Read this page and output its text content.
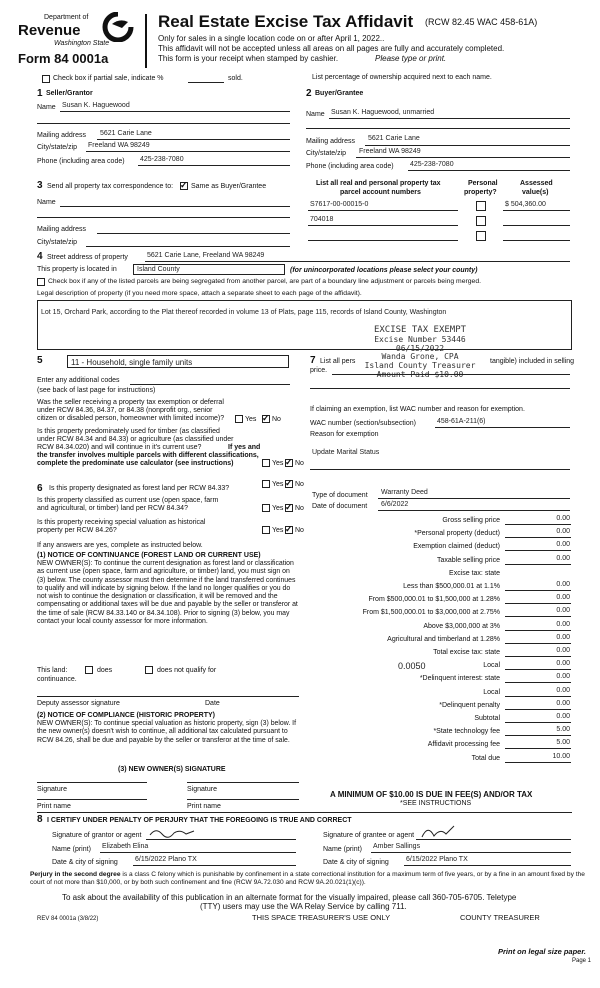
Department of
Revenue
Washington State
Form 84 0001a
Real Estate Excise Tax Affidavit (RCW 82.45 WAC 458-61A)
Only for sales in a single location code on or after April 1, 2022..
This affidavit will not be accepted unless all areas on all pages are fully and accurately completed.
This form is your receipt when stamped by cashier.	Please type or print.
Check box if partial sale, indicate %	sold.	List percentage of ownership acquired next to each name.
1 Seller/Grantor
Name Susan K. Haguewood
Mailing address 5621 Carie Lane
City/state/zip Freeland WA 98249
Phone (including area code) 425-238-7080
2 Buyer/Grantee
Name Susan K. Haguewood, unmarried
Mailing address 5621 Carie Lane
City/state/zip Freeland WA 98249
Phone (including area code) 425-238-7080
3 Send all property tax correspondence to: ✓	Same as Buyer/Grantee
Name
Mailing address
City/state/zip
List all real and personal property tax
parcel account numbers
Personal
property?
Assessed
value(s)
S7617-00-00015-0	$ 504,360.00
704018
4 Street address of property	5621 Carie Lane, Freeland WA 98249
This property is located in	Island County	(for unincorporated locations please select your county)
Check box if any of the listed parcels are being segregated from another parcel, are part of a boundary line adjustment or parcels being merged.
Legal description of property (if you need more space, attach a separate sheet to each page of the affidavit).
Lot 15, Orchard Park, according to the Plat thereof recorded in volume 13 of Plats, page 115, records of Island County, Washington
5	11 - Household, single family units
EXCISE TAX EXEMPT
Excise Number 53446
06/15/2022
Wanda Grone, CPA
Island County Treasurer
Amount Paid $10.00
7 List all pers
price.
tangible) included in selling
Enter any additional codes
(see back of last page for instructions)
Was the seller receiving a property tax exemption or deferral
under RCW 84.36, 84.37, or 84.38 (nonprofit org., senior
citizen or disabled person, homeowner with limited income)?	Yes ✓ No
Is this property predominately used for timber (as classified
under RCW 84.34 and 84.33) or agriculture (as classified under
RCW 84.34.020) and will continue in it's current use?	If yes and
the transfer involves multiple parcels with different classifications,
complete the predominate use calculator (see instructions)	Yes ✓ No
If claiming an exemption, list WAC number and reason for exemption.
WAC number (section/subsection)	458-61A-211(6)
Reason for exemption
Update Marital Status
6 Is this property designated as forest land per RCW 84.33?
Yes ✓ No
Is this property classified as current use (open space, farm
and agricultural, or timber) land per RCW 84.34?	Yes ✓ No
Is this property receiving special valuation as historical
property per RCW 84.26?	Yes ✓ No
If any answers are yes, complete as instructed below.
(1) NOTICE OF CONTINUANCE (FOREST LAND OR CURRENT USE)
NEW OWNER(S): To continue the current designation as forest land or classification as current use (open space, farm and agriculture, or timber) land, you must sign on (3) below. The county assessor must then determine if the land transferred continues to qualify and will indicate by signing below. If the land no longer qualifies or you do not wish to continue the designation or classification, it will be removed and the compensating or additional taxes will be due and payable by the seller or transferor at the time of sale (RCW 84.33.140 or 84.34.108). Prior to signing (3) below, you may contact your local county assessor for more information.
This land:	does	does not qualify for
continuance.
Deputy assessor signature	Date
(2) NOTICE OF COMPLIANCE (HISTORIC PROPERTY)
NEW OWNER(S): To continue special valuation as historic property, sign (3) below. If the new owner(s) doesn't wish to continue, all additional tax calculated pursuant to RCW 84.26, shall be due and payable by the seller or transferor at the time of sale.
(3) NEW OWNER(S) SIGNATURE
Signature	Signature
Print name	Print name
Type of document Warranty Deed
Date of document 6/6/2022
Gross selling price	0.00
*Personal property (deduct)	0.00
Exemption claimed (deduct)	0.00
Taxable selling price	0.00
Excise tax: state
Less than $500,000.01 at 1.1%	0.00
From $500,000.01 to $1,500,000 at 1.28%	0.00
From $1,500,000.01 to $3,000,000 at 2.75%	0.00
Above $3,000,000 at 3%	0.00
Agricultural and timberland at 1.28%	0.00
Total excise tax: state	0.00
Local
0.0050	0.00
*Delinquent interest: state	0.00
Local	0.00
*Delinquent penalty	0.00
Subtotal	0.00
*State technology fee	5.00
Affidavit processing fee	5.00
Total due	10.00
A MINIMUM OF $10.00 IS DUE IN FEE(S) AND/OR TAX
*SEE INSTRUCTIONS
8 I CERTIFY UNDER PENALTY OF PERJURY THAT THE FOREGOING IS TRUE AND CORRECT
Signature of grantor or agent
Name (print) Elizabeth Elina
Date & city of signing 6/15/2022 Plano TX
Signature of grantee or agent
Name (print) Amber Sallings
Date & city of signing 6/15/2022 Plano TX
Perjury in the second degree is a class C felony which is punishable by confinement in a state correctional institution for a maximum term of five years, or by a fine in an amount fixed by the court of not more than $10,000, or by both such confinement and fine (RCW 9A.72.030 and RCW 9A.20.021(1)(c)).
To ask about the availability of this publication in an alternate format for the visually impaired, please call 360-705-6705. Teletype
(TTY) users may use the WA Relay Service by calling 711.
REV 84 0001a (3/8/22)	THIS SPACE TREASURER'S USE ONLY	COUNTY TREASURER
Print on legal size paper.
Page 1
